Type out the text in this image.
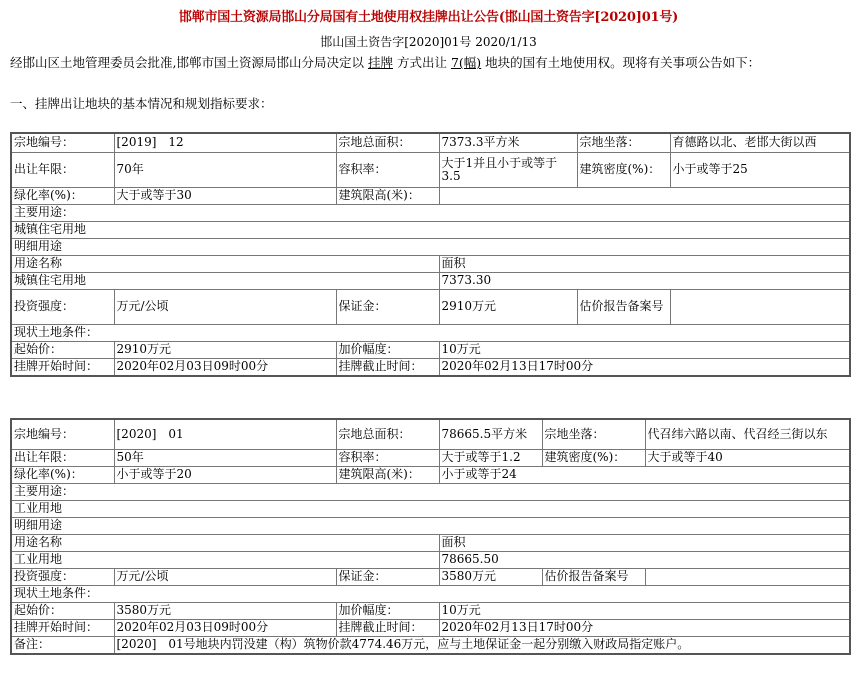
邯郸市国土资源局邯山分局国有土地使用权挂牌出让公告(邯山国土资告字[2020]01号)
邯山国土资告字[2020]01号 2020/1/13
经邯山区土地管理委员会批准,邯郸市国土资源局邯山分局决定以 挂牌 方式出让 7(幅) 地块的国有土地使用权。现将有关事项公告如下：
一、挂牌出让地块的基本情况和规划指标要求：
宗地编号：	[2019]　12	宗地总面积：	7373.3平方米	宗地坐落：	育德路以北、老邯大街以西
出让年限：	70年	容积率：	大于1并且小于或等于3.5	建筑密度(%)：	小于或等于25
绿化率(%)：	大于或等于30	建筑限高(米)：			
主要用途：					
城镇住宅用地					
明细用途					
用途名称			面积		
城镇住宅用地			7373.30		
投资强度：	万元/公顷	保证金：	2910万元	估价报告备案号	
现状土地条件：					
起始价：	2910万元	加价幅度：	10万元		
挂牌开始时间：	2020年02月03日09时00分	挂牌截止时间：	2020年02月13日17时00分		
宗地编号：	[2020]　01	宗地总面积：	78665.5平方米	宗地坐落：	代召纬六路以南、代召经三街以东
出让年限：	50年	容积率：	大于或等于1.2	建筑密度(%)：	大于或等于40
绿化率(%)：	小于或等于20	建筑限高(米)：	小于或等于24		
主要用途：					
工业用地					
明细用途					
用途名称			面积		
工业用地			78665.50		
投资强度：	万元/公顷	保证金：	3580万元	估价报告备案号	
现状土地条件：					
起始价：	3580万元	加价幅度：	10万元		
挂牌开始时间：	2020年02月03日09时00分	挂牌截止时间：	2020年02月13日17时00分		
备注：	[2020]　01号地块内罚没建（构）筑物价款4774.46万元，应与土地保证金一起分别缴入财政局指定账户。				
